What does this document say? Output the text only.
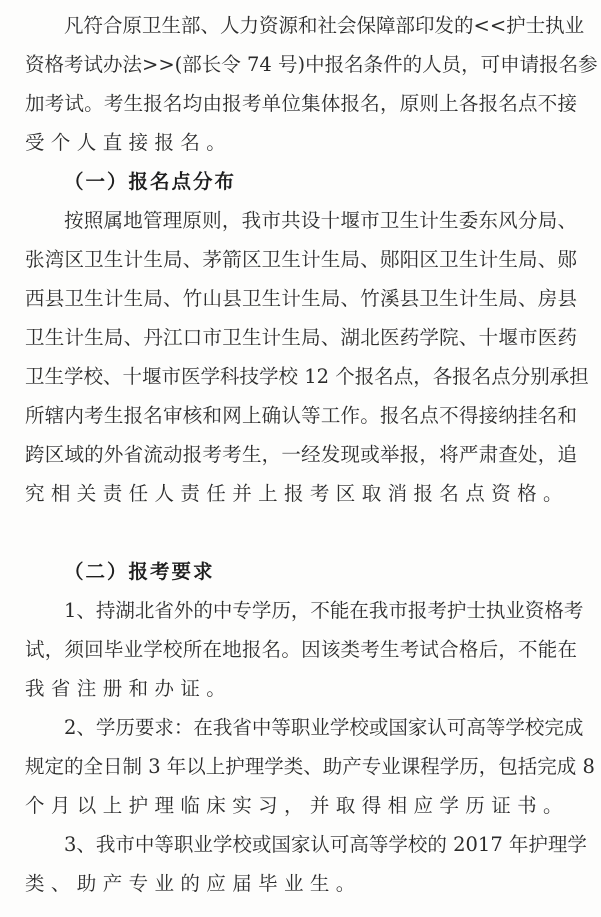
凡符合原卫生部、人力资源和社会保障部印发的<<护士执业
资格考试办法>>(部长令 74 号)中报名条件的人员，可申请报名参
加考试。考生报名均由报考单位集体报名，原则上各报名点不接
受个人直接报名。
（一）报名点分布
按照属地管理原则，我市共设十堰市卫生计生委东风分局、
张湾区卫生计生局、茅箭区卫生计生局、郧阳区卫生计生局、郧
西县卫生计生局、竹山县卫生计生局、竹溪县卫生计生局、房县
卫生计生局、丹江口市卫生计生局、湖北医药学院、十堰市医药
卫生学校、十堰市医学科技学校 12 个报名点，各报名点分别承担
所辖内考生报名审核和网上确认等工作。报名点不得接纳挂名和
跨区域的外省流动报考考生，一经发现或举报，将严肃查处，追
究相关责任人责任并上报考区取消报名点资格。
（二）报考要求
1、持湖北省外的中专学历，不能在我市报考护士执业资格考
试，须回毕业学校所在地报名。因该类考生考试合格后，不能在
我省注册和办证。
2、学历要求：在我省中等职业学校或国家认可高等学校完成
规定的全日制 3 年以上护理学类、助产专业课程学历，包括完成 8
个月以上护理临床实习，并取得相应学历证书。
3、我市中等职业学校或国家认可高等学校的 2017 年护理学
类、助产专业的应届毕业生。
